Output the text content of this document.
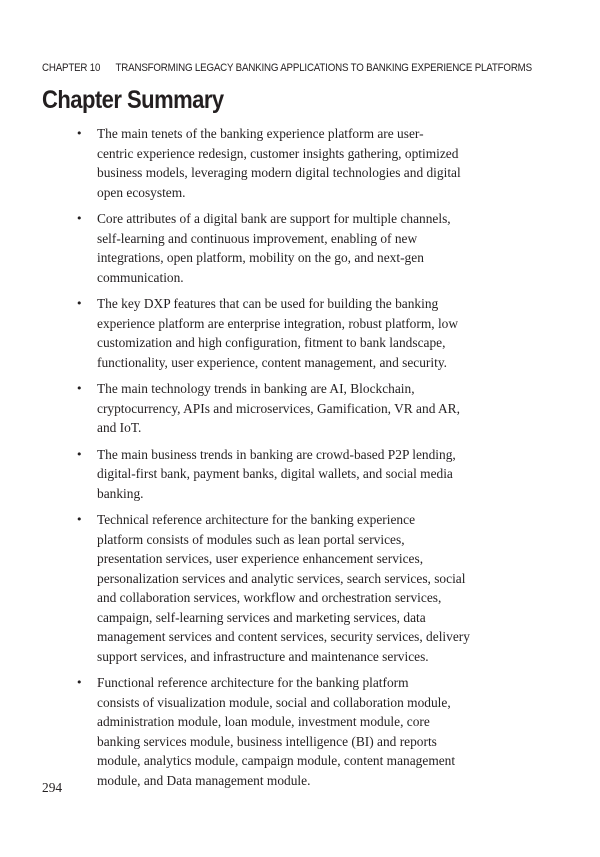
CHAPTER 10 TRANSFORMING LEGACY BANKING APPLICATIONS TO BANKING EXPERIENCE PLATFORMS
Chapter Summary
• The main tenets of the banking experience platform are user-
centric experience redesign, customer insights gathering, optimized
business models, leveraging modern digital technologies and digital
open ecosystem.
• Core attributes of a digital bank are support for multiple channels,
self-learning and continuous improvement, enabling of new
integrations, open platform, mobility on the go, and next-gen
communication.
• The key DXP features that can be used for building the banking
experience platform are enterprise integration, robust platform, low
customization and high configuration, fitment to bank landscape,
functionality, user experience, content management, and security.
• The main technology trends in banking are AI, Blockchain,
cryptocurrency, APIs and microservices, Gamification, VR and AR,
and IoT.
• The main business trends in banking are crowd-based P2P lending,
digital-first bank, payment banks, digital wallets, and social media
banking.
• Technical reference architecture for the banking experience
platform consists of modules such as lean portal services,
presentation services, user experience enhancement services,
personalization services and analytic services, search services, social
and collaboration services, workflow and orchestration services,
campaign, self-learning services and marketing services, data
management services and content services, security services, delivery
support services, and infrastructure and maintenance services.
• Functional reference architecture for the banking platform
consists of visualization module, social and collaboration module,
administration module, loan module, investment module, core
banking services module, business intelligence (BI) and reports
module, analytics module, campaign module, content management
module, and Data management module.
294
